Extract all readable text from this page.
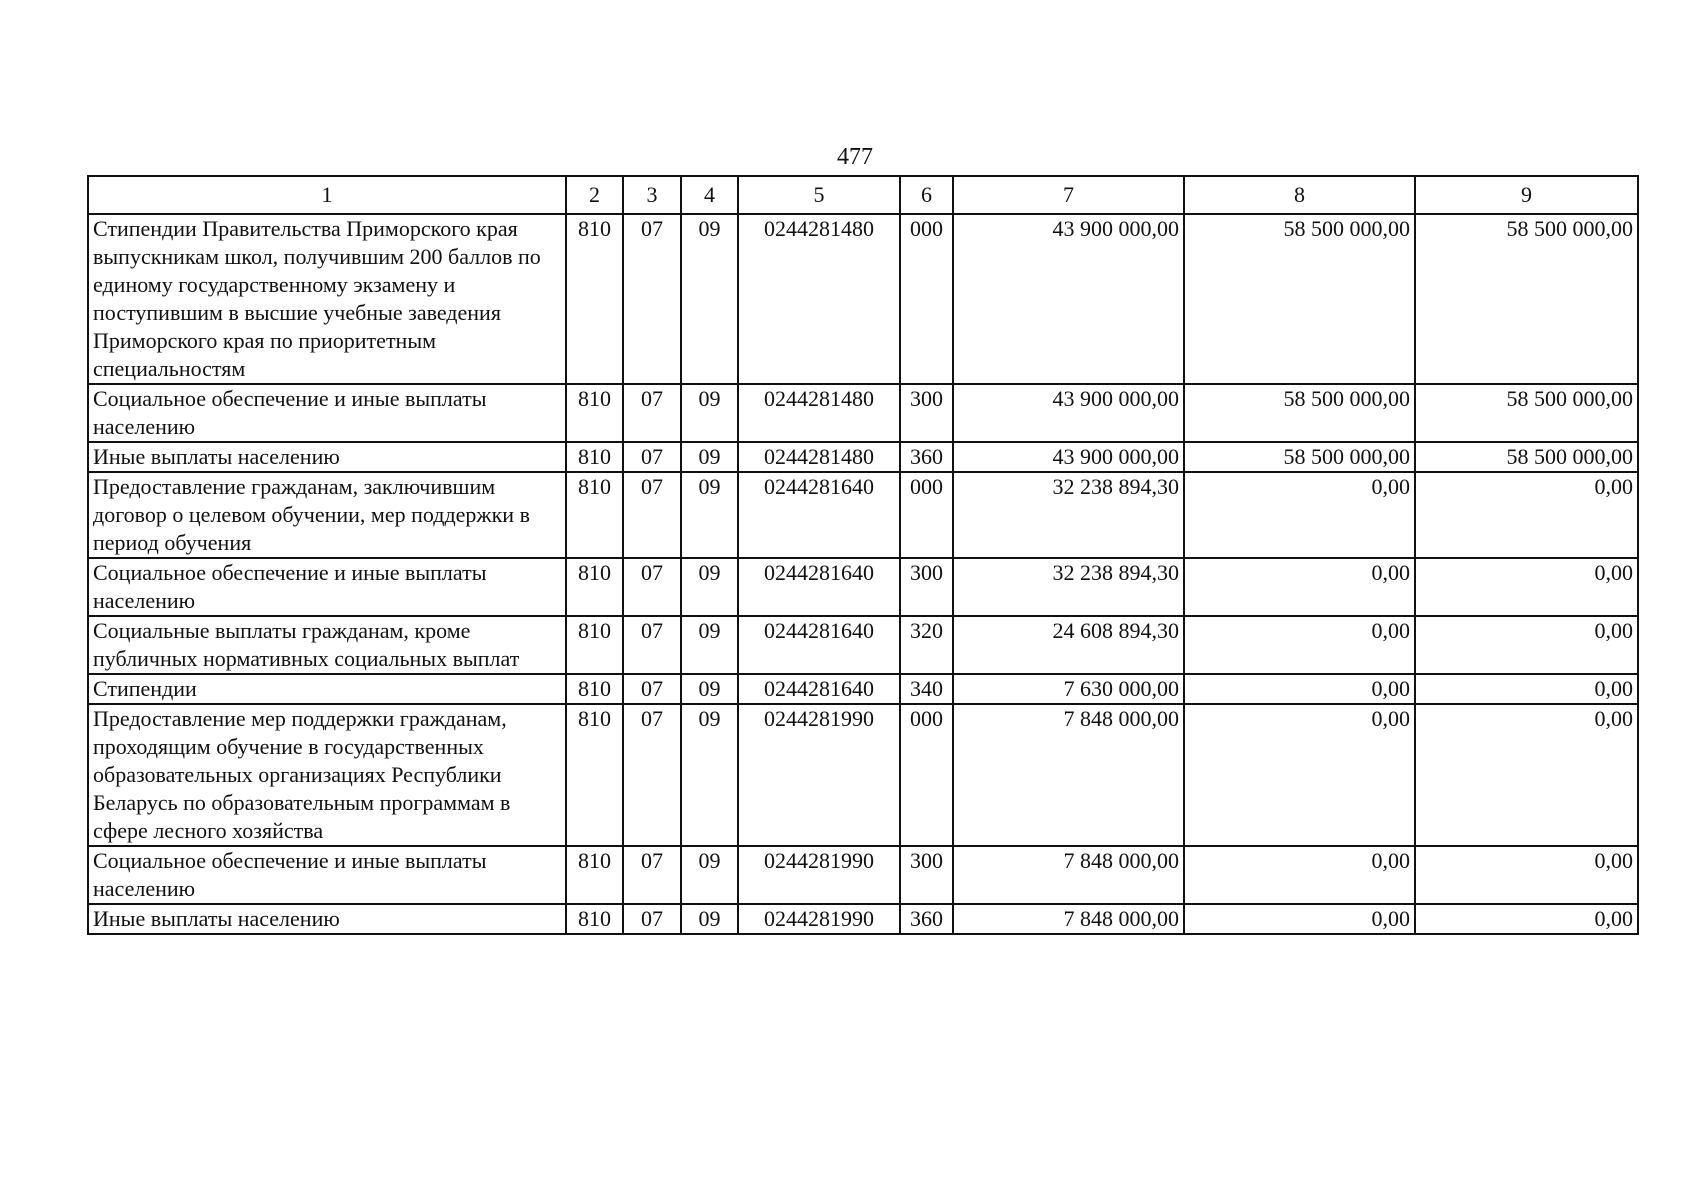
477
1	2	3	4	5	6	7	8	9
Стипендии Правительства Приморского края выпускникам школ, получившим 200 баллов по единому государственному экзамену и поступившим в высшие учебные заведения Приморского края по приоритетным специальностям	810	07	09	0244281480	000	43 900 000,00	58 500 000,00	58 500 000,00
Социальное обеспечение и иные выплаты населению	810	07	09	0244281480	300	43 900 000,00	58 500 000,00	58 500 000,00
Иные выплаты населению	810	07	09	0244281480	360	43 900 000,00	58 500 000,00	58 500 000,00
Предоставление гражданам, заключившим договор о целевом обучении, мер поддержки в период обучения	810	07	09	0244281640	000	32 238 894,30	0,00	0,00
Социальное обеспечение и иные выплаты населению	810	07	09	0244281640	300	32 238 894,30	0,00	0,00
Социальные выплаты гражданам, кроме публичных нормативных социальных выплат	810	07	09	0244281640	320	24 608 894,30	0,00	0,00
Стипендии	810	07	09	0244281640	340	7 630 000,00	0,00	0,00
Предоставление мер поддержки гражданам, проходящим обучение в государственных образовательных организациях Республики Беларусь по образовательным программам в сфере лесного хозяйства	810	07	09	0244281990	000	7 848 000,00	0,00	0,00
Социальное обеспечение и иные выплаты населению	810	07	09	0244281990	300	7 848 000,00	0,00	0,00
Иные выплаты населению	810	07	09	0244281990	360	7 848 000,00	0,00	0,00
